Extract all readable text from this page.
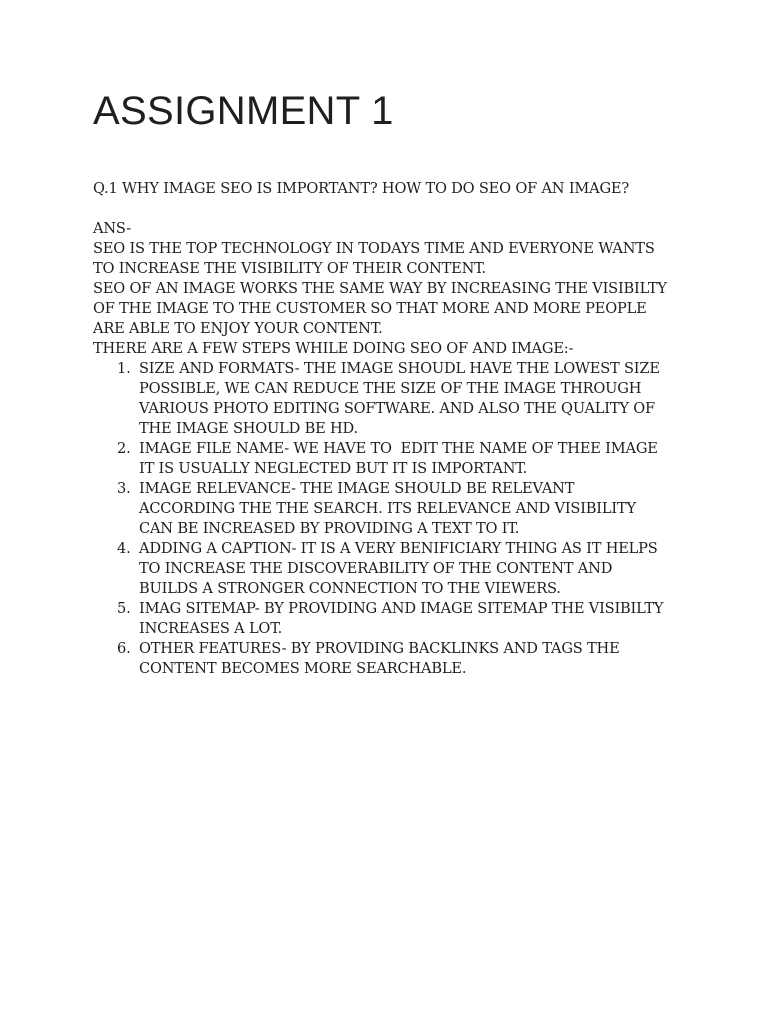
ASSIGNMENT 1

Q.1 WHY IMAGE SEO IS IMPORTANT? HOW TO DO SEO OF AN IMAGE?

ANS-

SEO IS THE TOP TECHNOLOGY IN TODAYS TIME AND EVERYONE WANTS

TO INCREASE THE VISIBILITY OF THEIR CONTENT.

SEO OF AN IMAGE WORKS THE SAME WAY BY INCREASING THE VISIBILTY

OF THE IMAGE TO THE CUSTOMER SO THAT MORE AND MORE PEOPLE

ARE ABLE TO ENJOY YOUR CONTENT.

THERE ARE A FEW STEPS WHILE DOING SEO OF AND IMAGE:-

1. SIZE AND FORMATS- THE IMAGE SHOUDL HAVE THE LOWEST SIZE
POSSIBLE, WE CAN REDUCE THE SIZE OF THE IMAGE THROUGH
VARIOUS PHOTO EDITING SOFTWARE. AND ALSO THE QUALITY OF
THE IMAGE SHOULD BE HD.
2. IMAGE FILE NAME- WE HAVE TO  EDIT THE NAME OF THEE IMAGE
IT IS USUALLY NEGLECTED BUT IT IS IMPORTANT.
3. IMAGE RELEVANCE- THE IMAGE SHOULD BE RELEVANT
ACCORDING THE THE SEARCH. ITS RELEVANCE AND VISIBILITY
CAN BE INCREASED BY PROVIDING A TEXT TO IT.
4. ADDING A CAPTION- IT IS A VERY BENIFICIARY THING AS IT HELPS
TO INCREASE THE DISCOVERABILITY OF THE CONTENT AND
BUILDS A STRONGER CONNECTION TO THE VIEWERS.
5. IMAG SITEMAP- BY PROVIDING AND IMAGE SITEMAP THE VISIBILTY
INCREASES A LOT.
6. OTHER FEATURES- BY PROVIDING BACKLINKS AND TAGS THE
CONTENT BECOMES MORE SEARCHABLE.
